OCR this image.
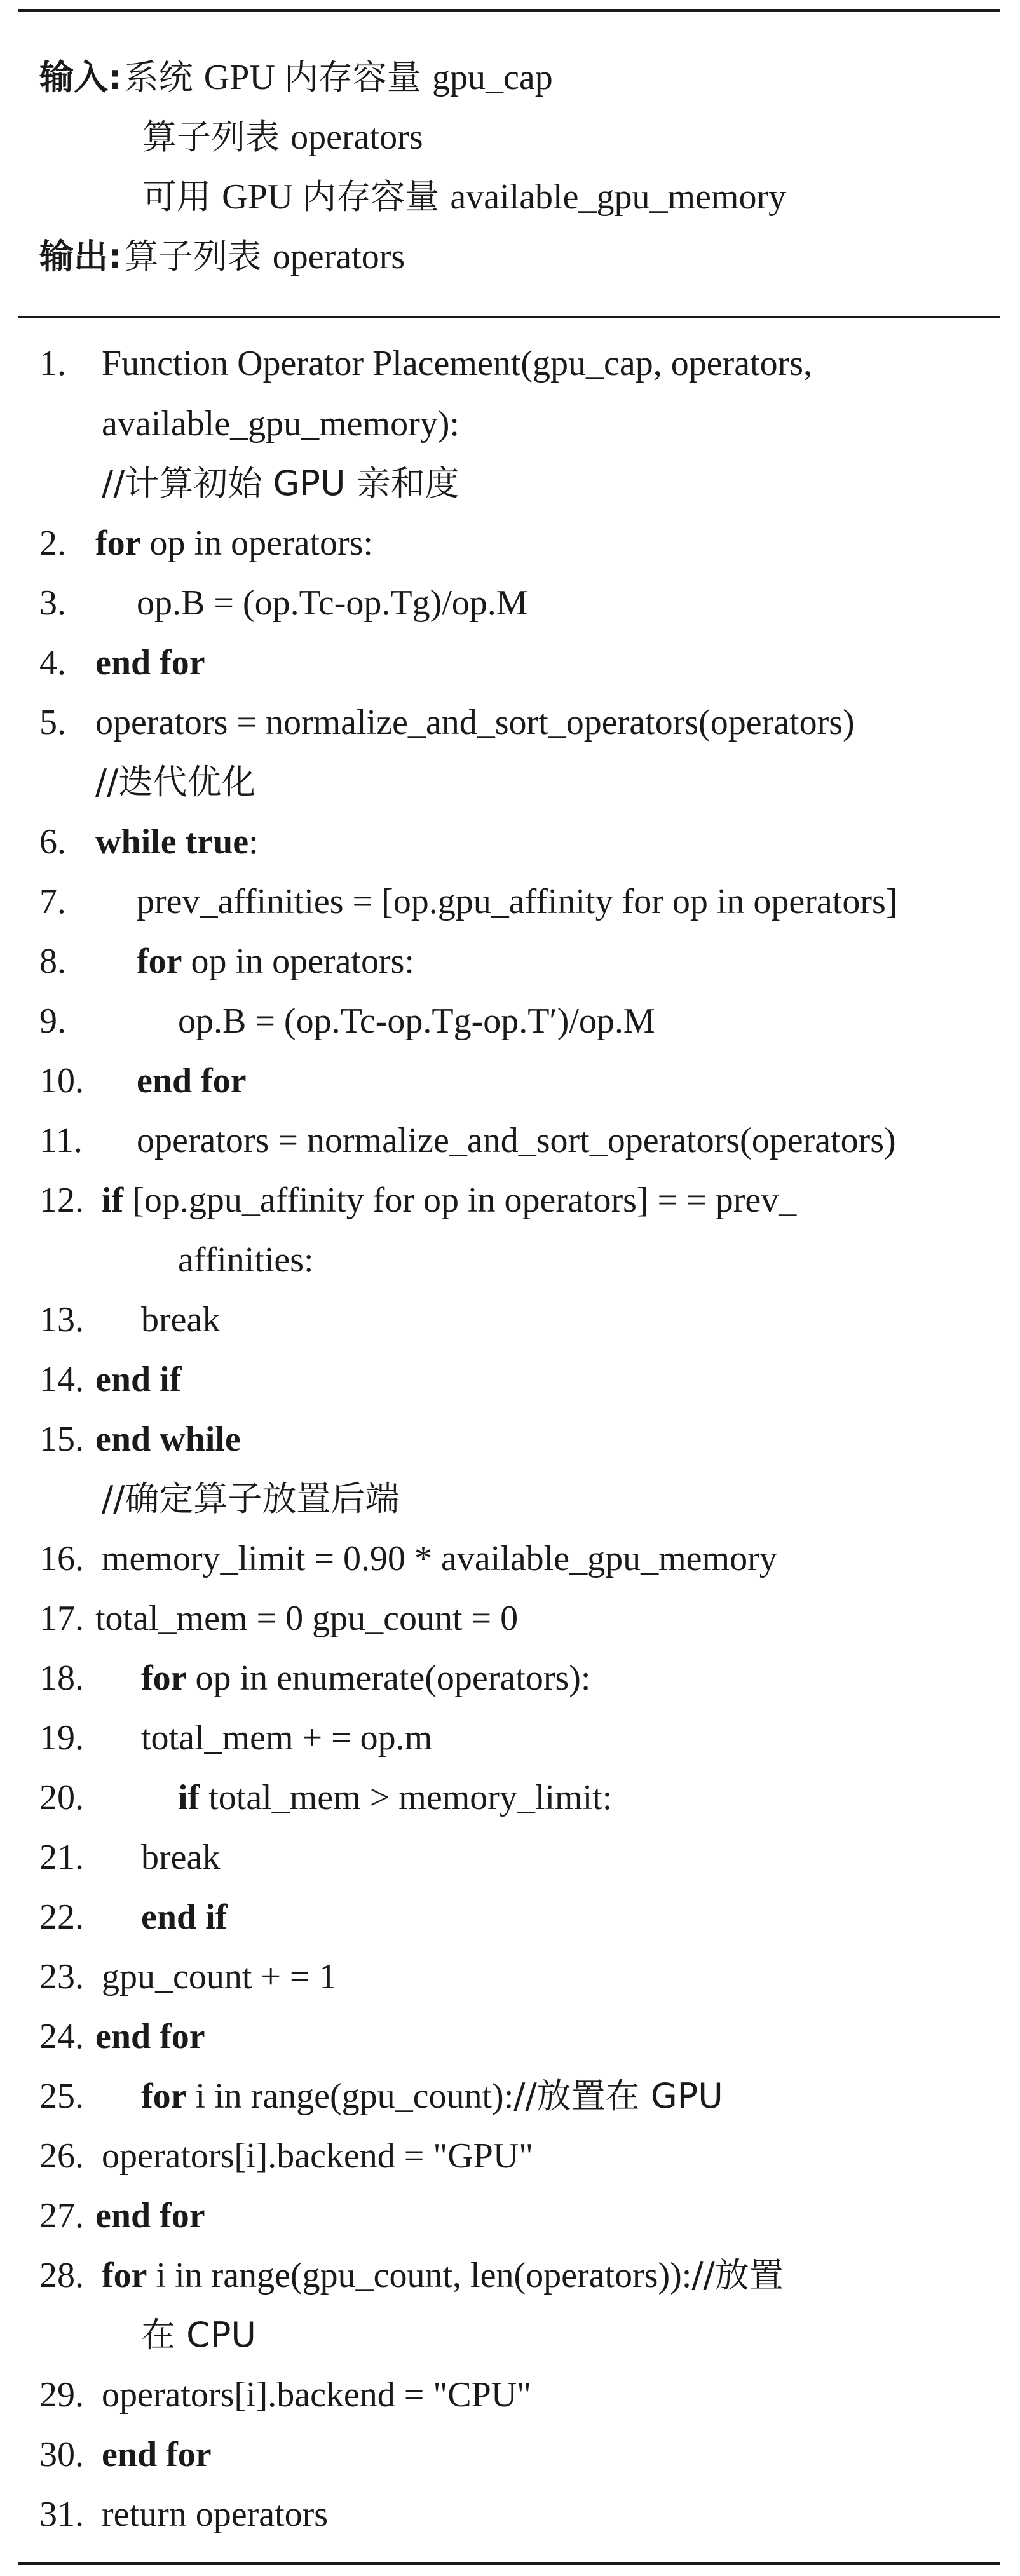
输入:系统 GPU 内存容量 gpu_cap
算子列表 operators
可用 GPU 内存容量 available_gpu_memory
输出:算子列表 operators
1. Function Operator Placement(gpu_cap, operators,
available_gpu_memory):
//计算初始 GPU 亲和度
2. for op in operators:
3. op.B = (op.Tc-op.Tg)/op.M
4. end for
5. operators = normalize_and_sort_operators(operators)
//迭代优化
6. while true:
7. prev_affinities = [op.gpu_affinity for op in operators]
8. for op in operators:
9.	op.B = (op.Tc-op.Tg-op.T′)/op.M
10. end for
11. operators = normalize_and_sort_operators(operators)
12. if [op.gpu_affinity for op in operators] = = prev_
affinities:
13. break
14. end if
15. end while
//确定算子放置后端
16. memory_limit = 0.90 * available_gpu_memory
17. total_mem = 0 gpu_count = 0
18. for op in enumerate(operators):
19. total_mem + = op.m
20.	if total_mem > memory_limit:
21. break
22. end if
23. gpu_count + = 1
24. end for
25. for i in range(gpu_count)://放置在 GPU
26. operators[i].backend = "GPU"
27. end for
28. for i in range(gpu_count, len(operators))://放置
在 CPU
29. operators[i].backend = "CPU"
30. end for
31. return operators
